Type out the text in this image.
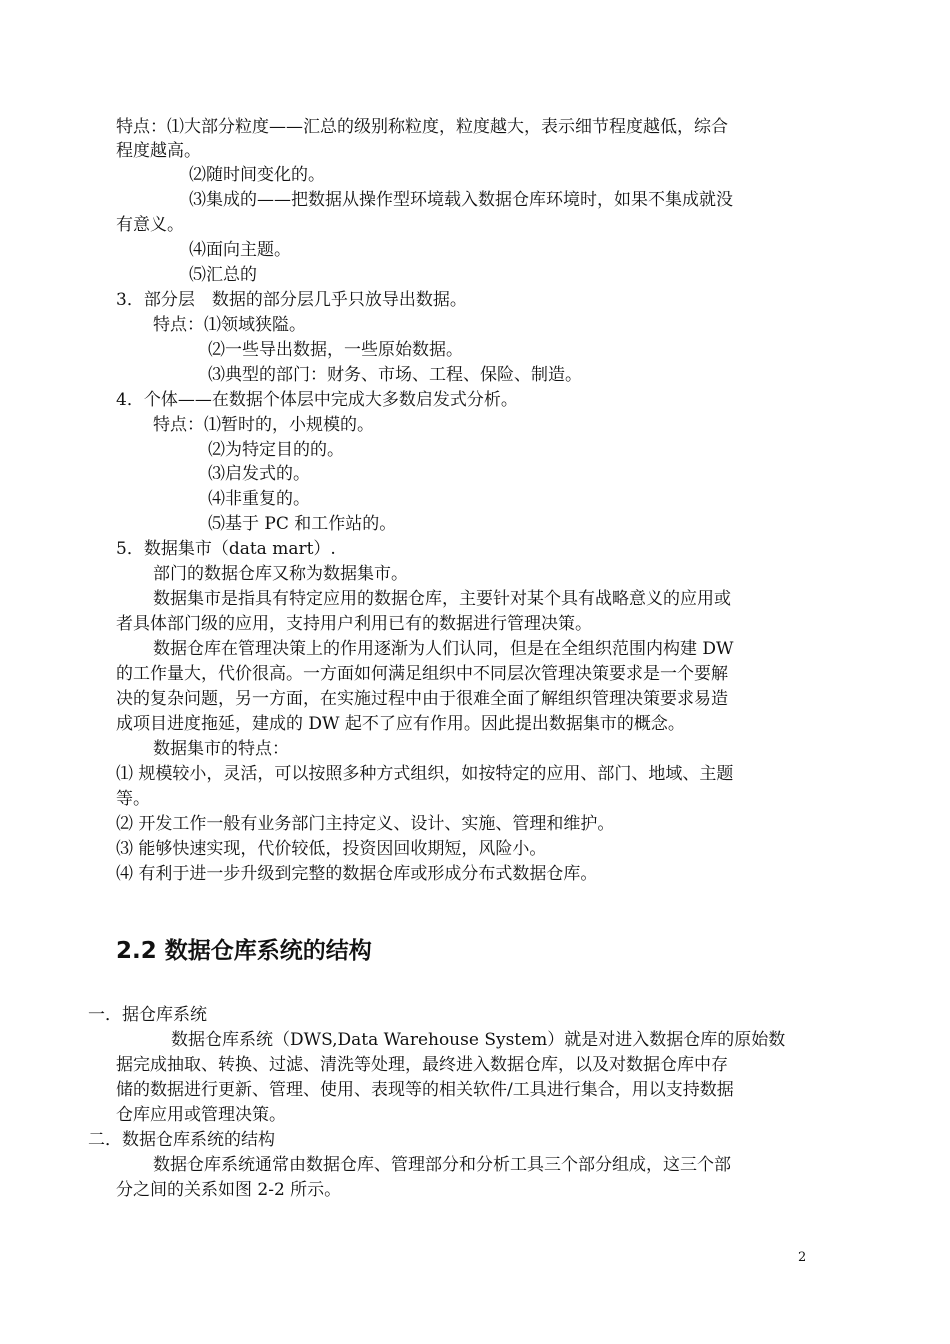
特点：⑴大部分粒度——汇总的级别称粒度，粒度越大，表示细节程度越低，综合
程度越高。
⑵随时间变化的。
⑶集成的——把数据从操作型环境载入数据仓库环境时，如果不集成就没
有意义。
⑷面向主题。
⑸汇总的
3．部分层　数据的部分层几乎只放导出数据。
特点：⑴领域狭隘。
⑵一些导出数据，一些原始数据。
⑶典型的部门：财务、市场、工程、保险、制造。
4．个体——在数据个体层中完成大多数启发式分析。
特点：⑴暂时的，小规模的。
⑵为特定目的的。
⑶启发式的。
⑷非重复的。
⑸基于 PC 和工作站的。
5．数据集市（data mart）.
部门的数据仓库又称为数据集市。
数据集市是指具有特定应用的数据仓库，主要针对某个具有战略意义的应用或
者具体部门级的应用，支持用户利用已有的数据进行管理决策。
数据仓库在管理决策上的作用逐渐为人们认同，但是在全组织范围内构建 DW
的工作量大，代价很高。一方面如何满足组织中不同层次管理决策要求是一个要解
决的复杂问题，另一方面，在实施过程中由于很难全面了解组织管理决策要求易造
成项目进度拖延，建成的 DW 起不了应有作用。因此提出数据集市的概念。
数据集市的特点：
⑴ 规模较小，灵活，可以按照多种方式组织，如按特定的应用、部门、地域、主题
等。
⑵ 开发工作一般有业务部门主持定义、设计、实施、管理和维护。
⑶ 能够快速实现，代价较低，投资因回收期短，风险小。
⑷ 有利于进一步升级到完整的数据仓库或形成分布式数据仓库。
2.2 数据仓库系统的结构
一．据仓库系统
数据仓库系统（DWS,Data Warehouse System）就是对进入数据仓库的原始数
据完成抽取、转换、过滤、清洗等处理，最终进入数据仓库，以及对数据仓库中存
储的数据进行更新、管理、使用、表现等的相关软件/工具进行集合，用以支持数据
仓库应用或管理决策。
二．数据仓库系统的结构
数据仓库系统通常由数据仓库、管理部分和分析工具三个部分组成，这三个部
分之间的关系如图 2-2 所示。
2
